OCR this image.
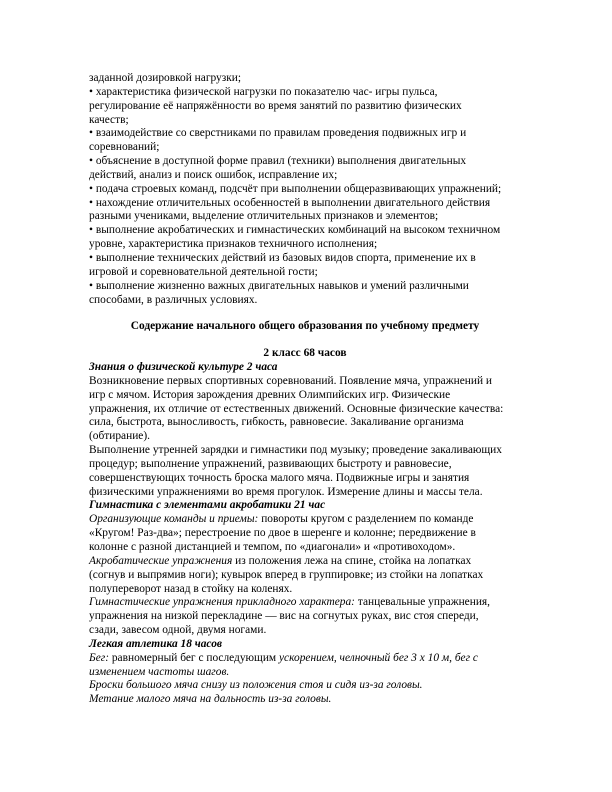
заданной дозировкой нагрузки;

• характеристика физической нагрузки по показателю час- игры пульса,

регулирование её напряжённости во время занятий по развитию физических

качеств;

• взаимодействие со сверстниками по правилам проведения подвижных игр и

соревнований;

• объяснение в доступной форме правил (техники) выполнения двигательных

действий, анализ и поиск ошибок, исправление их;

• подача строевых команд, подсчёт при выполнении общеразвивающих упражнений;

• нахождение отличительных особенностей в выполнении двигательного действия

разными учениками, выделение отличительных признаков и элементов;

• выполнение акробатических и гимнастических комбинаций на высоком техничном

уровне, характеристика признаков техничного исполнения;

• выполнение технических действий из базовых видов спорта, применение их в

игровой и соревновательной деятельной гости;

• выполнение жизненно важных двигательных навыков и умений различными

способами, в различных условиях.

Содержание начального общего образования по учебному предмету

2 класс 68 часов

Знания о физической культуре 2 часа

Возникновение первых спортивных соревнований. Появление мяча, упражнений и

игр с мячом. История зарождения древних Олимпийских игр. Физические

упражнения, их отличие от естественных движений. Основные физические качества:

сила, быстрота, выносливость, гибкость, равновесие. Закаливание организма

(обтирание).

Выполнение утренней зарядки и гимнастики под музыку; проведение закаливающих

процедур; выполнение упражнений, развивающих быстроту и равновесие,

совершенствующих точность броска малого мяча. Подвижные игры и занятия

физическими упражнениями во время прогулок. Измерение длины и массы тела.

Гимнастика с элементами акробатики 21 час

Организующие команды и приемы: повороты кругом с разделением по команде

«Кругом! Раз-два»; перестроение по двое в шеренге и колонне; передвижение в

колонне с разной дистанцией и темпом, по «диагонали» и «противоходом».

Акробатические упражнения из положения лежа на спине, стойка на лопатках

(согнув и выпрямив ноги); кувырок вперед в группировке; из стойки на лопатках

полупереворот назад в стойку на коленях.

Гимнастические упражнения прикладного характера: танцевальные упражнения,

упражнения на низкой перекладине — вис на согнутых руках, вис стоя спереди,

сзади, завесом одной, двумя ногами.

Легкая атлетика 18 часов

Бег: равномерный бег с последующим ускорением, челночный бег 3 х 10 м, бег с

изменением частоты шагов.

Броски большого мяча снизу из положения стоя и сидя из-за головы.

Метание малого мяча на дальность из-за головы.
